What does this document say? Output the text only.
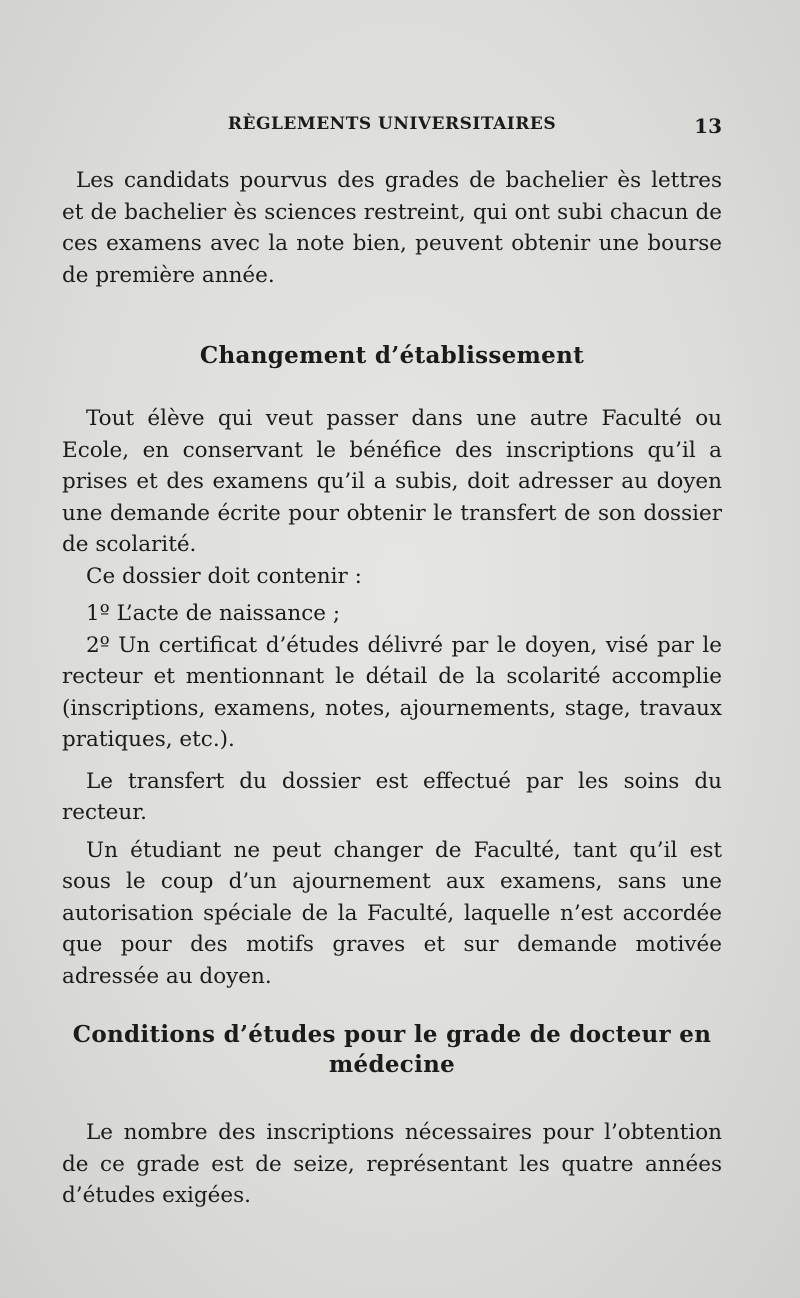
RÈGLEMENTS UNIVERSITAIRES	13

Les candidats pourvus des grades de bachelier ès lettres et de bachelier ès sciences restreint, qui ont subi chacun de ces examens avec la note bien, peuvent obtenir une bourse de première année.

Changement d’établissement

Tout élève qui veut passer dans une autre Faculté ou Ecole, en conservant le bénéfice des inscriptions qu’il a prises et des examens qu’il a subis, doit adresser au doyen une demande écrite pour obtenir le transfert de son dossier de scolarité.

Ce dossier doit contenir :

1º L’acte de naissance ;

2º Un certificat d’études délivré par le doyen, visé par le recteur et mentionnant le détail de la scolarité accomplie (inscriptions, examens, notes, ajournements, stage, travaux pratiques, etc.).

Le transfert du dossier est effectué par les soins du recteur.

Un étudiant ne peut changer de Faculté, tant qu’il est sous le coup d’un ajournement aux examens, sans une autorisation spéciale de la Faculté, laquelle n’est accordée que pour des motifs graves et sur demande motivée adressée au doyen.

Conditions d’études pour le grade de docteur en médecine

Le nombre des inscriptions nécessaires pour l’obtention de ce grade est de seize, représentant les quatre années d’études exigées.
